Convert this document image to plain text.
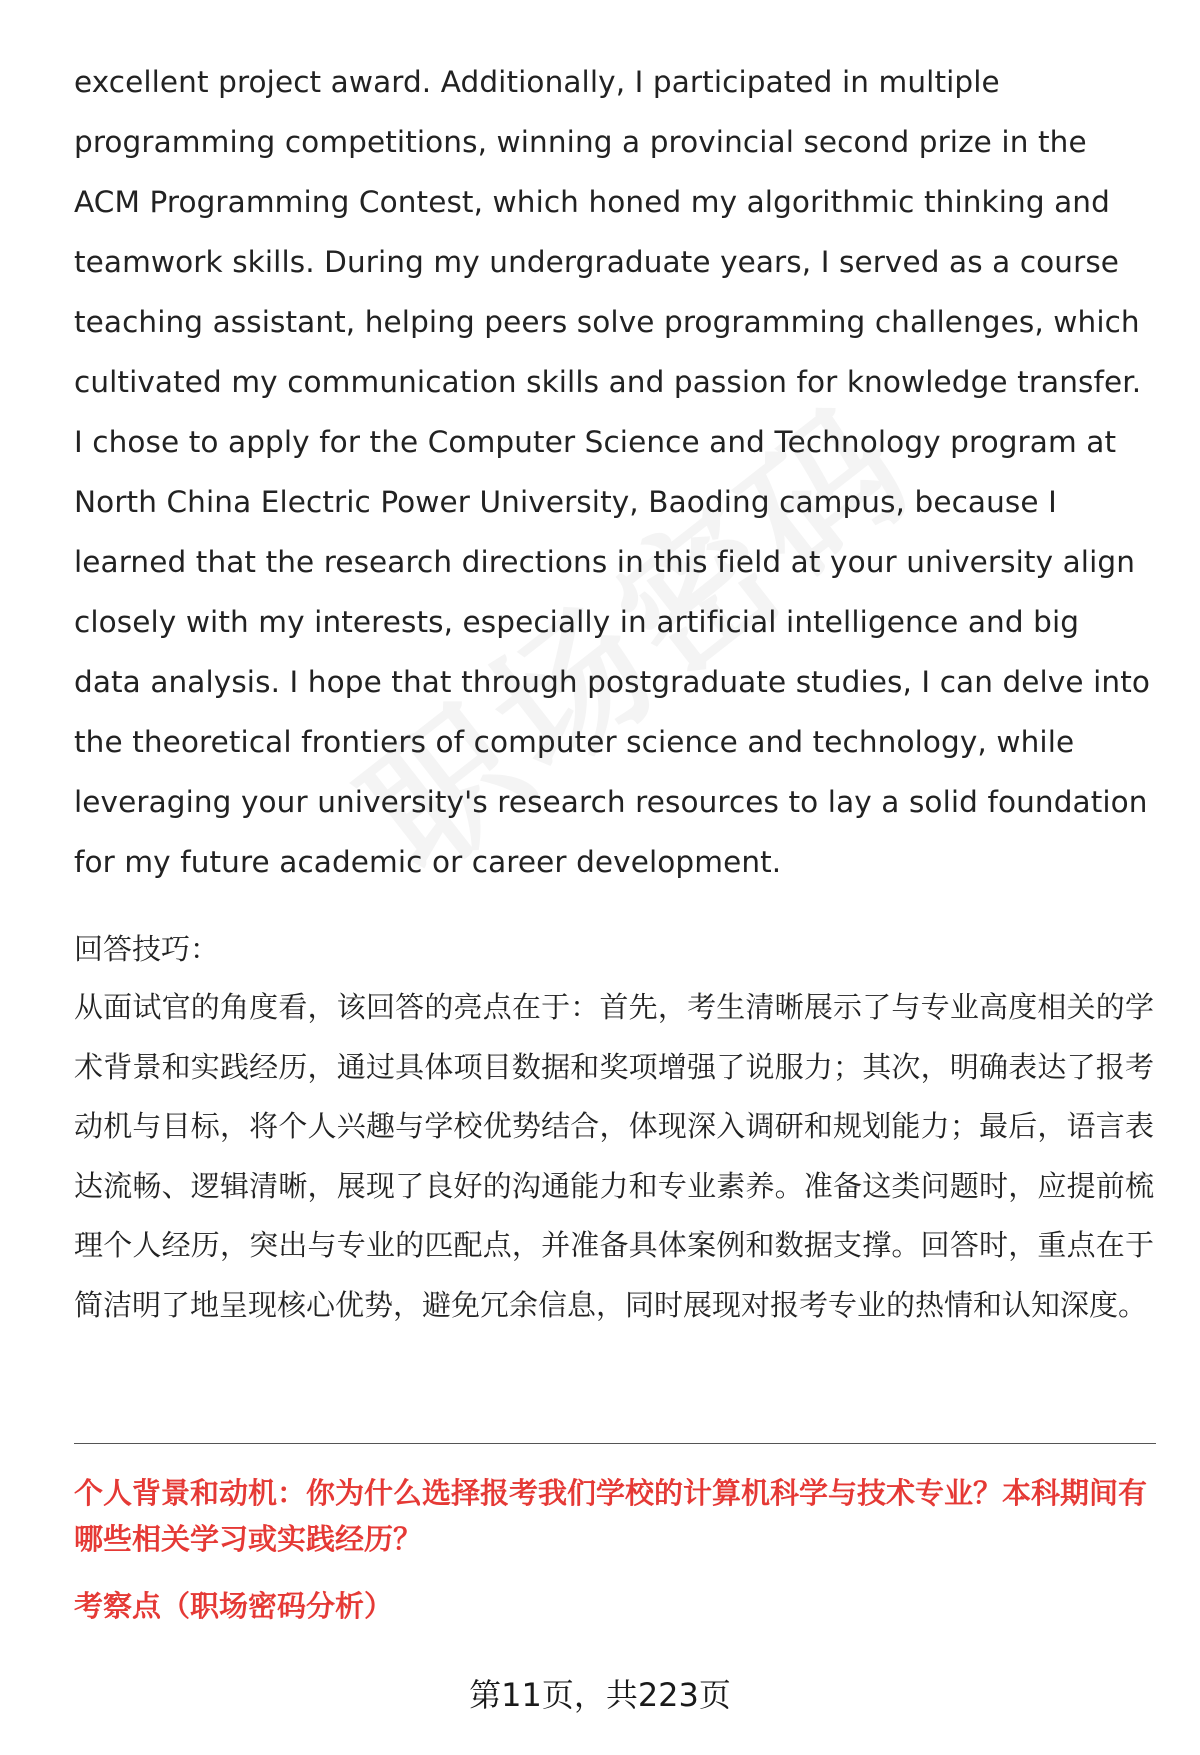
excellent project award. Additionally, I participated in multiple programming competitions, winning a provincial second prize in the ACM Programming Contest, which honed my algorithmic thinking and teamwork skills. During my undergraduate years, I served as a course teaching assistant, helping peers solve programming challenges, which cultivated my communication skills and passion for knowledge transfer. I chose to apply for the Computer Science and Technology program at North China Electric Power University, Baoding campus, because I learned that the research directions in this field at your university align closely with my interests, especially in artificial intelligence and big data analysis. I hope that through postgraduate studies, I can delve into the theoretical frontiers of computer science and technology, while leveraging your university's research resources to lay a solid foundation for my future academic or career development.

回答技巧：

从面试官的角度看，该回答的亮点在于：首先，考生清晰展示了与专业高度相关的学术背景和实践经历，通过具体项目数据和奖项增强了说服力；其次，明确表达了报考动机与目标，将个人兴趣与学校优势结合，体现深入调研和规划能力；最后，语言表达流畅、逻辑清晰，展现了良好的沟通能力和专业素养。准备这类问题时，应提前梳理个人经历，突出与专业的匹配点，并准备具体案例和数据支撑。回答时，重点在于简洁明了地呈现核心优势，避免冗余信息，同时展现对报考专业的热情和认知深度。

个人背景和动机：你为什么选择报考我们学校的计算机科学与技术专业？本科期间有哪些相关学习或实践经历？

考察点（职场密码分析）

第11页，共223页
